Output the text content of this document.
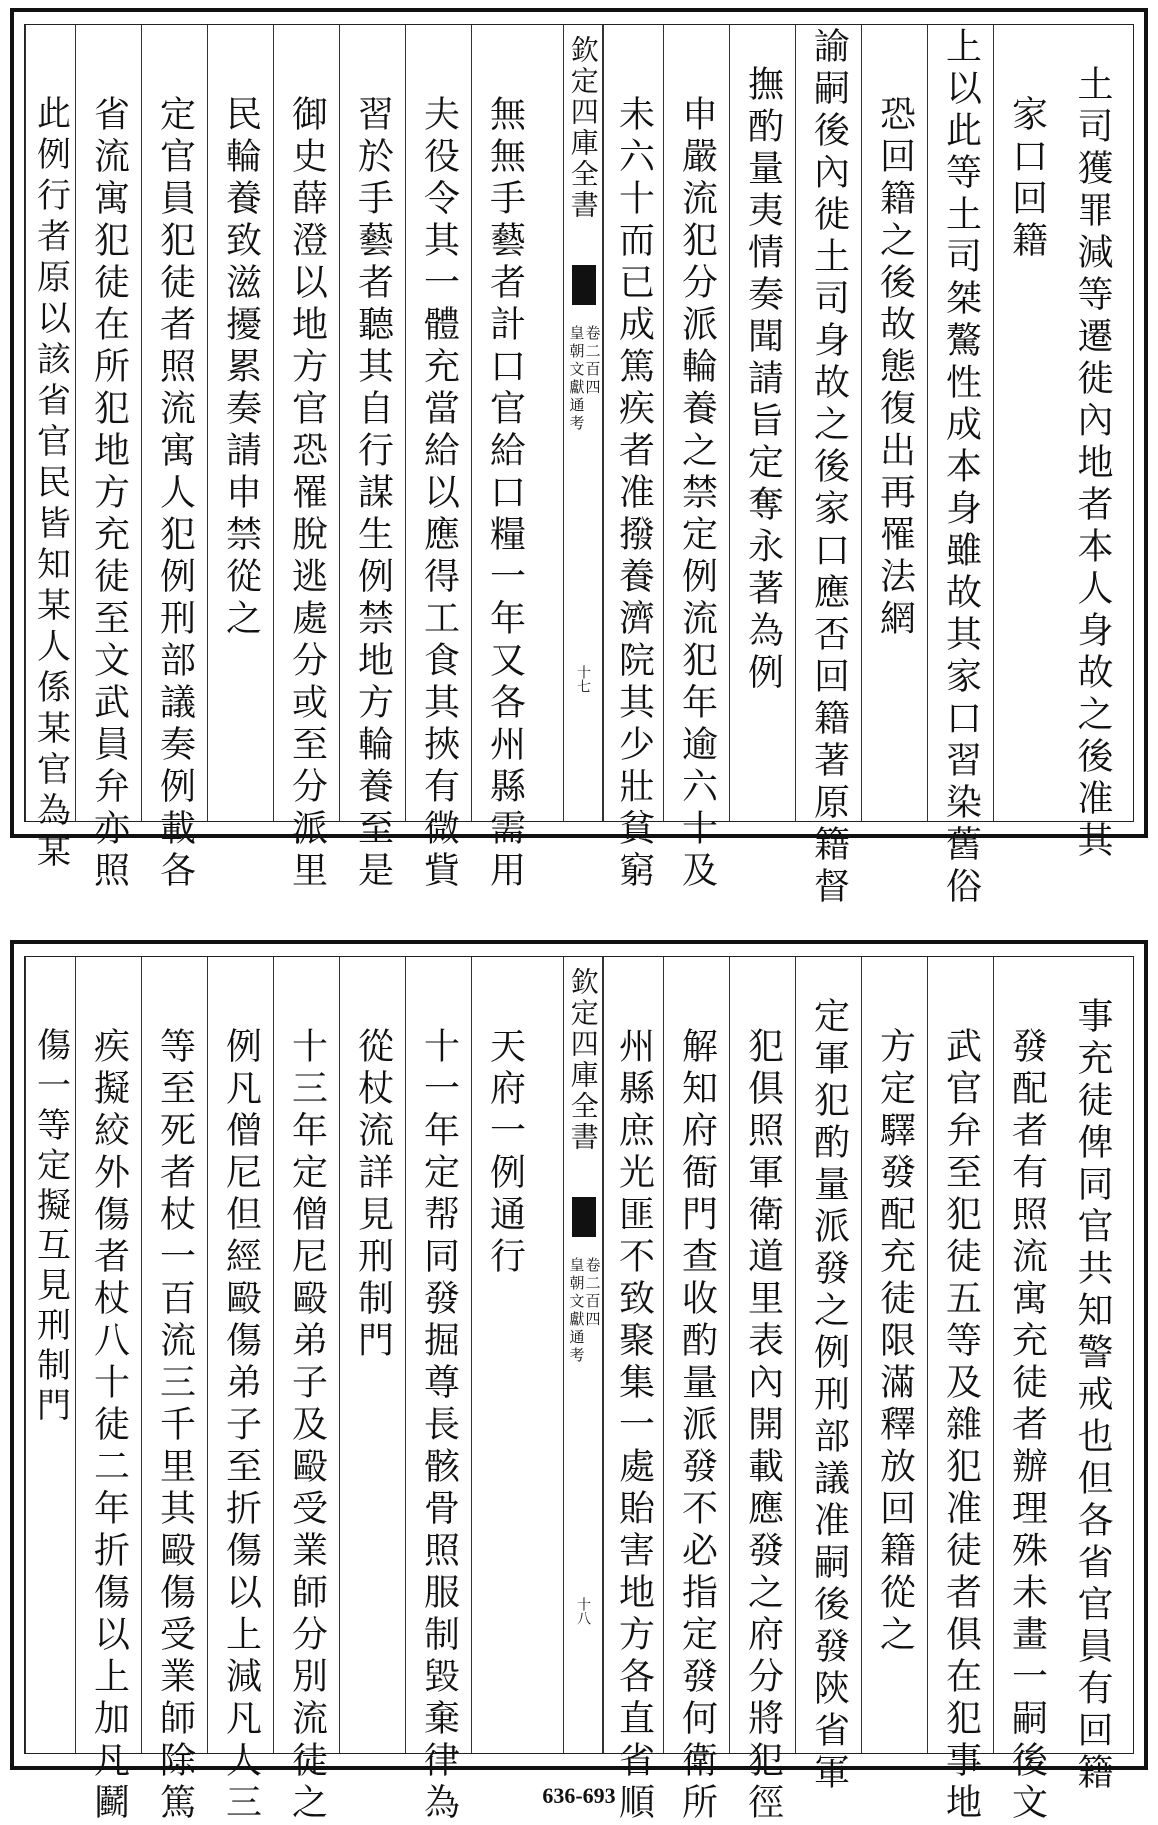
土司獲罪減等遷徙內地者本人身故之後准其
家口回籍
上以此等土司桀驁性成本身雖故其家口習染舊俗
恐回籍之後故態復出再罹法網
諭嗣後內徙土司身故之後家口應否回籍著原籍督
撫酌量夷情奏聞請旨定奪永著為例
申嚴流犯分派輪養之禁定例流犯年逾六十及
欽定四庫全書
皇朝文獻通考
卷二百四
十七 未六十而已成篤疾者准撥養濟院其少壯貧窮
無無手藝者計口官給口糧一年又各州縣需用
夫役令其一體充當給以應得工食其挾有微貲
習於手藝者聽其自行謀生例禁地方輪養至是
御史薛澄以地方官恐罹脫逃處分或至分派里
民輪養致滋擾累奏請申禁從之
定官員犯徒者照流寓人犯例刑部議奏例載各
省流寓犯徒在所犯地方充徒至文武員弁亦照
此例行者原以該省官民皆知某人係某官為某
事充徒俾同官共知警戒也但各省官員有回籍
發配者有照流寓充徒者辦理殊未畫一嗣後文
武官弁至犯徒五等及雜犯准徒者俱在犯事地
方定驛發配充徒限滿釋放回籍從之
定軍犯酌量派發之例刑部議准嗣後發陝省軍
犯俱照軍衛道里表內開載應發之府分將犯徑
解知府衙門查收酌量派發不必指定發何衛所
欽定四庫全書
皇朝文獻通考
卷二百四
十八 州縣庶光匪不致聚集一處貽害地方各直省順
天府一例通行
十一年定帮同發掘尊長骸骨照服制毀棄律為
從杖流詳見刑制門
十三年定僧尼毆弟子及毆受業師分別流徒之
例凡僧尼但經毆傷弟子至折傷以上減凡人三
等至死者杖一百流三千里其毆傷受業師除篤
疾擬絞外傷者杖八十徒二年折傷以上加凡鬬
傷一等定擬互見刑制門
636-693
